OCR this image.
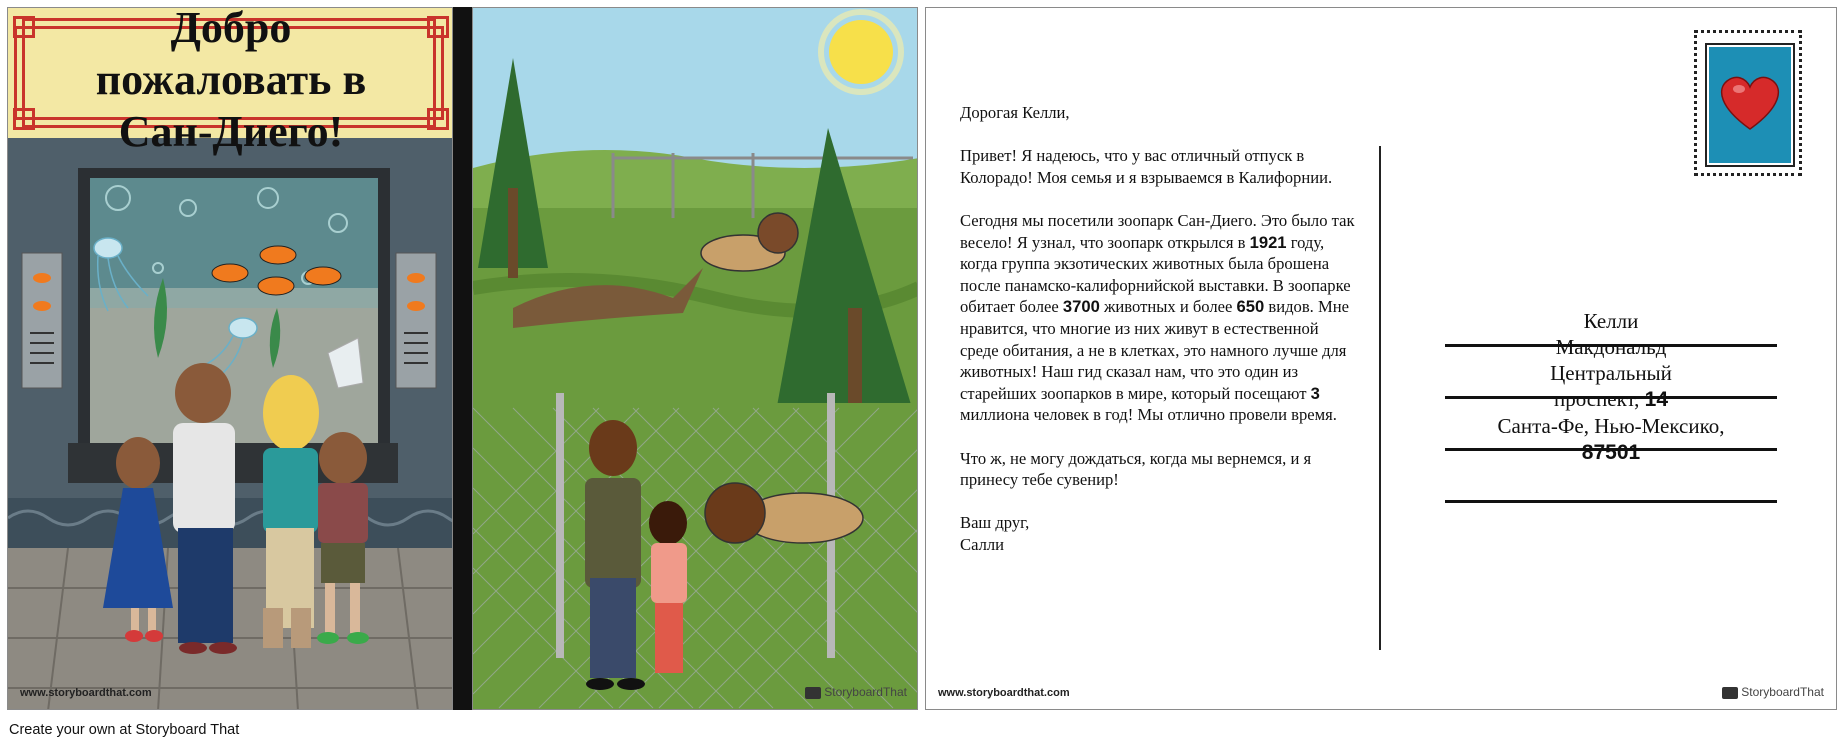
Добро
пожаловать в
Сан-Диего!
www.storyboardthat.com	StoryboardThat

Дорогая Келли,

Привет! Я надеюсь, что у вас отличный отпуск в Колорадо! Моя семья и я взрываемся в Калифорнии.

Сегодня мы посетили зоопарк Сан-Диего. Это было так весело! Я узнал, что зоопарк открылся в 1921 году, когда группа экзотических животных была брошена после панамско-калифорнийской выставки. В зоопарке обитает более 3700 животных и более 650 видов. Мне нравится, что многие из них живут в естественной среде обитания, а не в клетках, это намного лучше для животных! Наш гид сказал нам, что это один из старейших зоопарков в мире, который посещают 3 миллиона человек в год! Мы отлично провели время.

Что ж, не могу дождаться, когда мы вернемся, и я принесу тебе сувенир!

Ваш друг,
Салли
Келли
Макдональд
Центральный
проспект, 14
Санта-Фе, Нью-Мексико,
87501
www.storyboardthat.com	StoryboardThat
Create your own at Storyboard That
